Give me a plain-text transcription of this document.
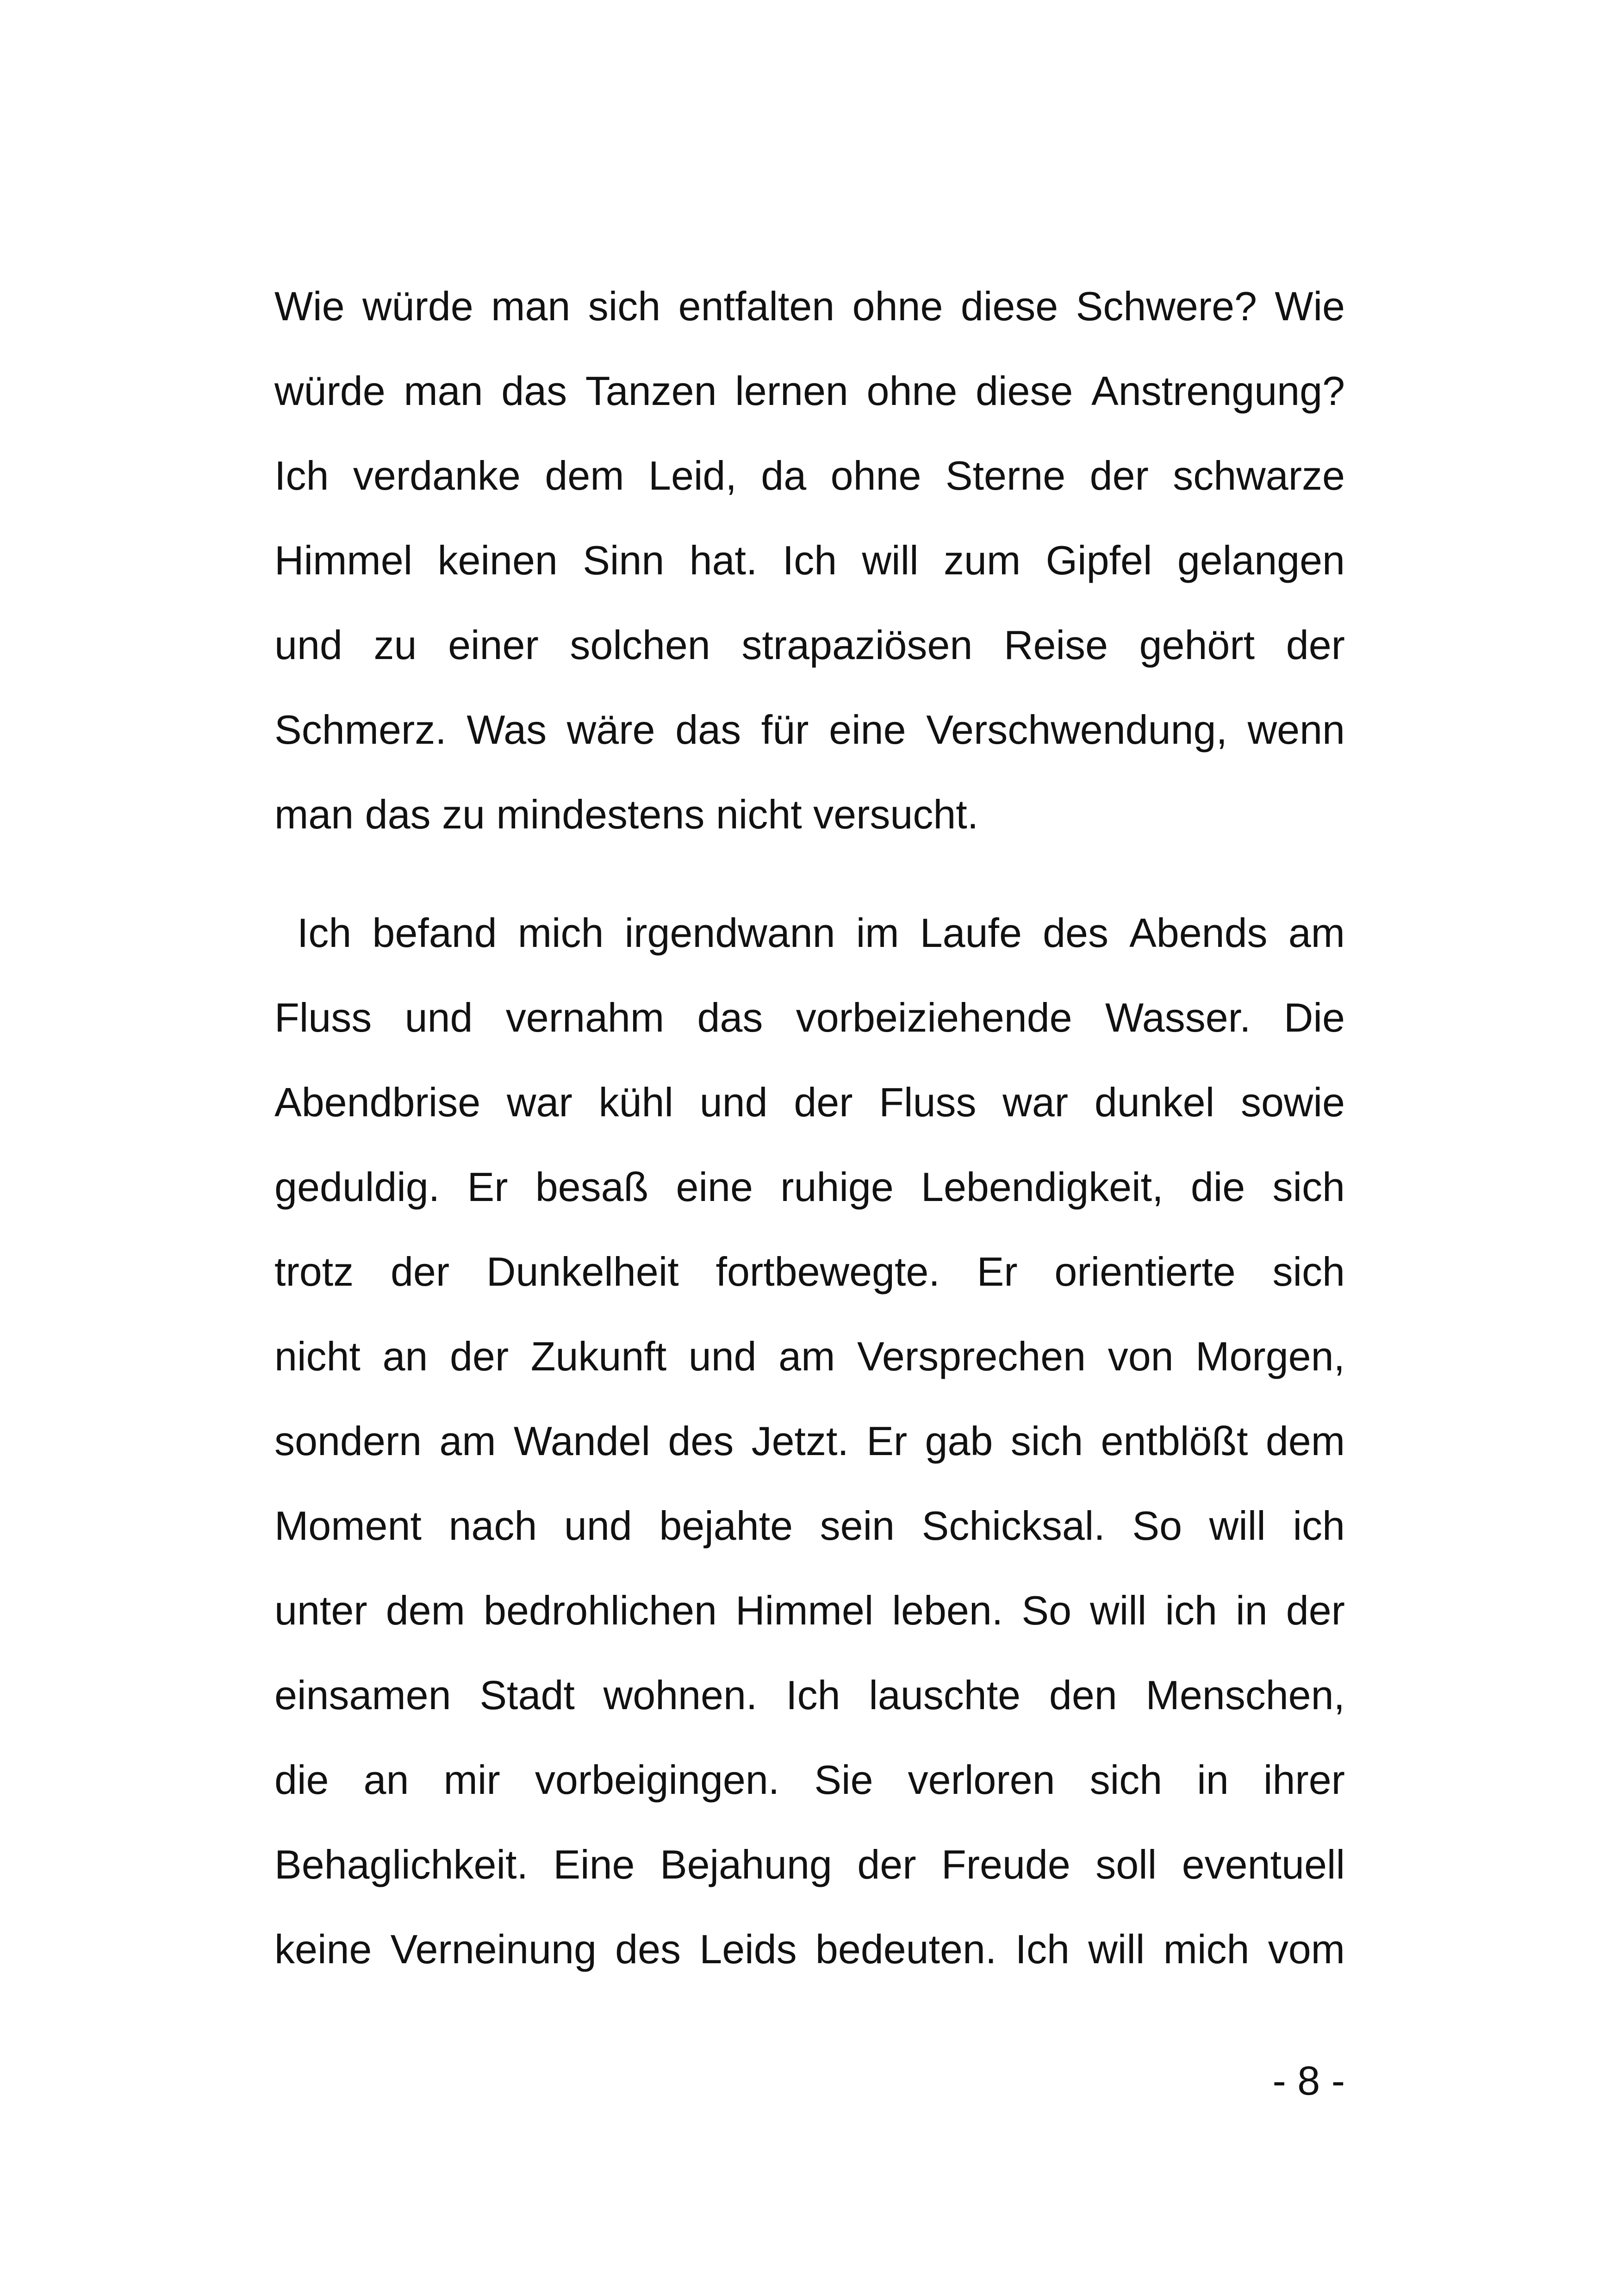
Wie würde man sich entfalten ohne diese Schwere? Wie
würde man das Tanzen lernen ohne diese Anstrengung?
Ich verdanke dem Leid, da ohne Sterne der schwarze
Himmel keinen Sinn hat. Ich will zum Gipfel gelangen
und zu einer solchen strapaziösen Reise gehört der
Schmerz. Was wäre das für eine Verschwendung, wenn
man das zu mindestens nicht versucht.
Ich befand mich irgendwann im Laufe des Abends am
Fluss und vernahm das vorbeiziehende Wasser. Die
Abendbrise war kühl und der Fluss war dunkel sowie
geduldig. Er besaß eine ruhige Lebendigkeit, die sich
trotz der Dunkelheit fortbewegte. Er orientierte sich
nicht an der Zukunft und am Versprechen von Morgen,
sondern am Wandel des Jetzt. Er gab sich entblößt dem
Moment nach und bejahte sein Schicksal. So will ich
unter dem bedrohlichen Himmel leben. So will ich in der
einsamen Stadt wohnen. Ich lauschte den Menschen,
die an mir vorbeigingen. Sie verloren sich in ihrer
Behaglichkeit. Eine Bejahung der Freude soll eventuell
keine Verneinung des Leids bedeuten. Ich will mich vom
- 8 -
